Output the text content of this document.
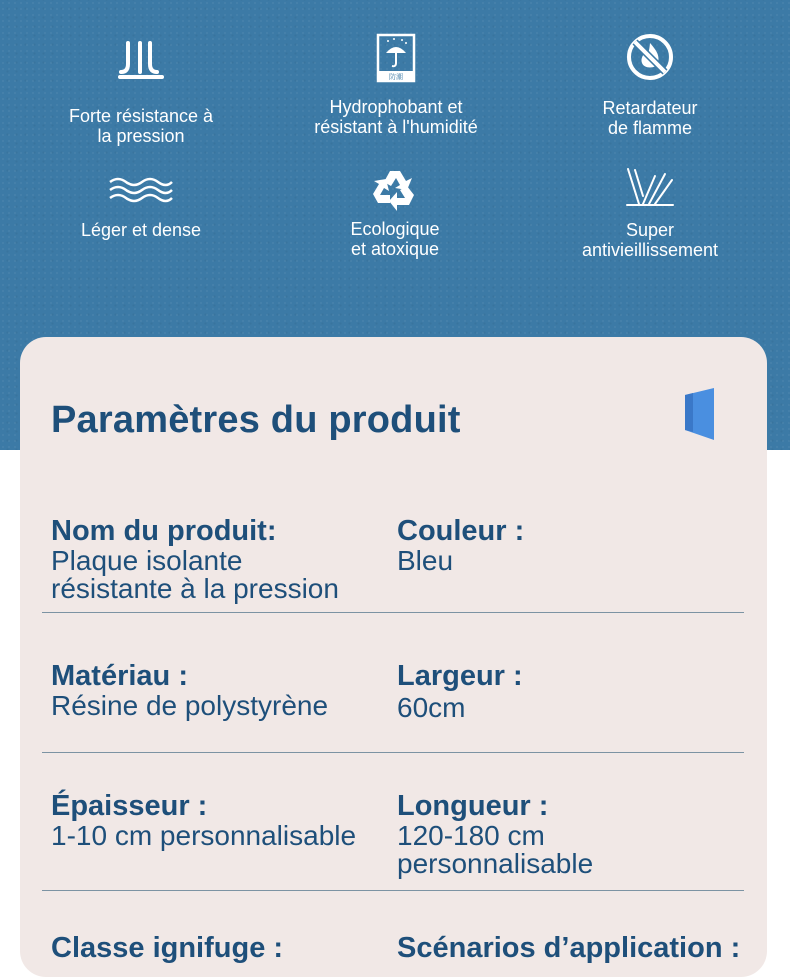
Forte résistance à
la pression
防潮
Hydrophobant et
résistant à l'humidité
Retardateur
de flamme
Léger et dense	Ecologique
et atoxique
Super
antivieillissement
Paramètres du produit
Nom du produit:
Plaque isolante
résistante à la pression
Couleur :
Bleu
Matériau :
Résine de polystyrène
Largeur :
60cm
Épaisseur :
1-10 cm personnalisable
Longueur :
120-180 cm
personnalisable
Classe ignifuge :	Scénarios d’application :
